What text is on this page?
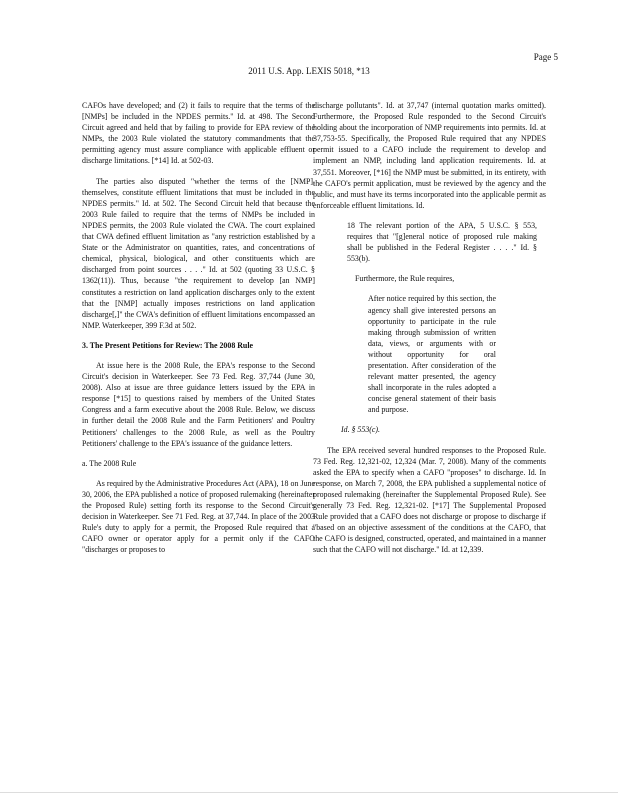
Page 5
2011 U.S. App. LEXIS 5018, *13

CAFOs have developed; and (2) it fails to require that the terms of the [NMPs] be included in the NPDES permits." Id. at 498. The Second Circuit agreed and held that by failing to provide for EPA review of the NMPs, the 2003 Rule violated the statutory commandments that the permitting agency must assure compliance with applicable effluent or discharge limitations. [*14] Id. at 502-03.

The parties also disputed "whether the terms of the [NMP], themselves, constitute effluent limitations that must be included in the NPDES permits." Id. at 502. The Second Circuit held that because the 2003 Rule failed to require that the terms of NMPs be included in NPDES permits, the 2003 Rule violated the CWA. The court explained that CWA defined effluent limitation as "any restriction established by a State or the Administrator on quantities, rates, and concentrations of chemical, physical, biological, and other constituents which are discharged from point sources . . . ." Id. at 502 (quoting 33 U.S.C. § 1362(11)). Thus, because "the requirement to develop [an NMP] constitutes a restriction on land application discharges only to the extent that the [NMP] actually imposes restrictions on land application discharge[,]" the CWA's definition of effluent limitations encompassed an NMP. Waterkeeper, 399 F.3d at 502.

3. The Present Petitions for Review: The 2008 Rule

At issue here is the 2008 Rule, the EPA's response to the Second Circuit's decision in Waterkeeper. See 73 Fed. Reg. 37,744 (June 30, 2008). Also at issue are three guidance letters issued by the EPA in response [*15] to questions raised by members of the United States Congress and a farm executive about the 2008 Rule. Below, we discuss in further detail the 2008 Rule and the Farm Petitioners' and Poultry Petitioners' challenges to the 2008 Rule, as well as the Poultry Petitioners' challenge to the EPA's issuance of the guidance letters.

a. The 2008 Rule

As required by the Administrative Procedures Act (APA), 18 on June 30, 2006, the EPA published a notice of proposed rulemaking (hereinafter the Proposed Rule) setting forth its response to the Second Circuit's decision in Waterkeeper. See 71 Fed. Reg. at 37,744. In place of the 2003 Rule's duty to apply for a permit, the Proposed Rule required that a CAFO owner or operator apply for a permit only if the CAFO "discharges or proposes to

discharge pollutants". Id. at 37,747 (internal quotation marks omitted). Furthermore, the Proposed Rule responded to the Second Circuit's holding about the incorporation of NMP requirements into permits. Id. at 37,753-55. Specifically, the Proposed Rule required that any NPDES permit issued to a CAFO include the requirement to develop and implement an NMP, including land application requirements. Id. at 37,551. Moreover, [*16] the NMP must be submitted, in its entirety, with the CAFO's permit application, must be reviewed by the agency and the public, and must have its terms incorporated into the applicable permit as enforceable effluent limitations. Id.

18 The relevant portion of the APA, 5 U.S.C. § 553, requires that "[g]eneral notice of proposed rule making shall be published in the Federal Register . . . ." Id. § 553(b).

Furthermore, the Rule requires,

After notice required by this section, the agency shall give interested persons an opportunity to participate in the rule making through submission of written data, views, or arguments with or without opportunity for oral presentation. After consideration of the relevant matter presented, the agency shall incorporate in the rules adopted a concise general statement of their basis and purpose.

Id. § 553(c).

The EPA received several hundred responses to the Proposed Rule. 73 Fed. Reg. 12,321-02, 12,324 (Mar. 7, 2008). Many of the comments asked the EPA to specify when a CAFO "proposes" to discharge. Id. In response, on March 7, 2008, the EPA published a supplemental notice of proposed rulemaking (hereinafter the Supplemental Proposed Rule). See generally 73 Fed. Reg. 12,321-02. [*17] The Supplemental Proposed Rule provided that a CAFO does not discharge or propose to discharge if "based on an objective assessment of the conditions at the CAFO, that the CAFO is designed, constructed, operated, and maintained in a manner such that the CAFO will not discharge." Id. at 12,339.
